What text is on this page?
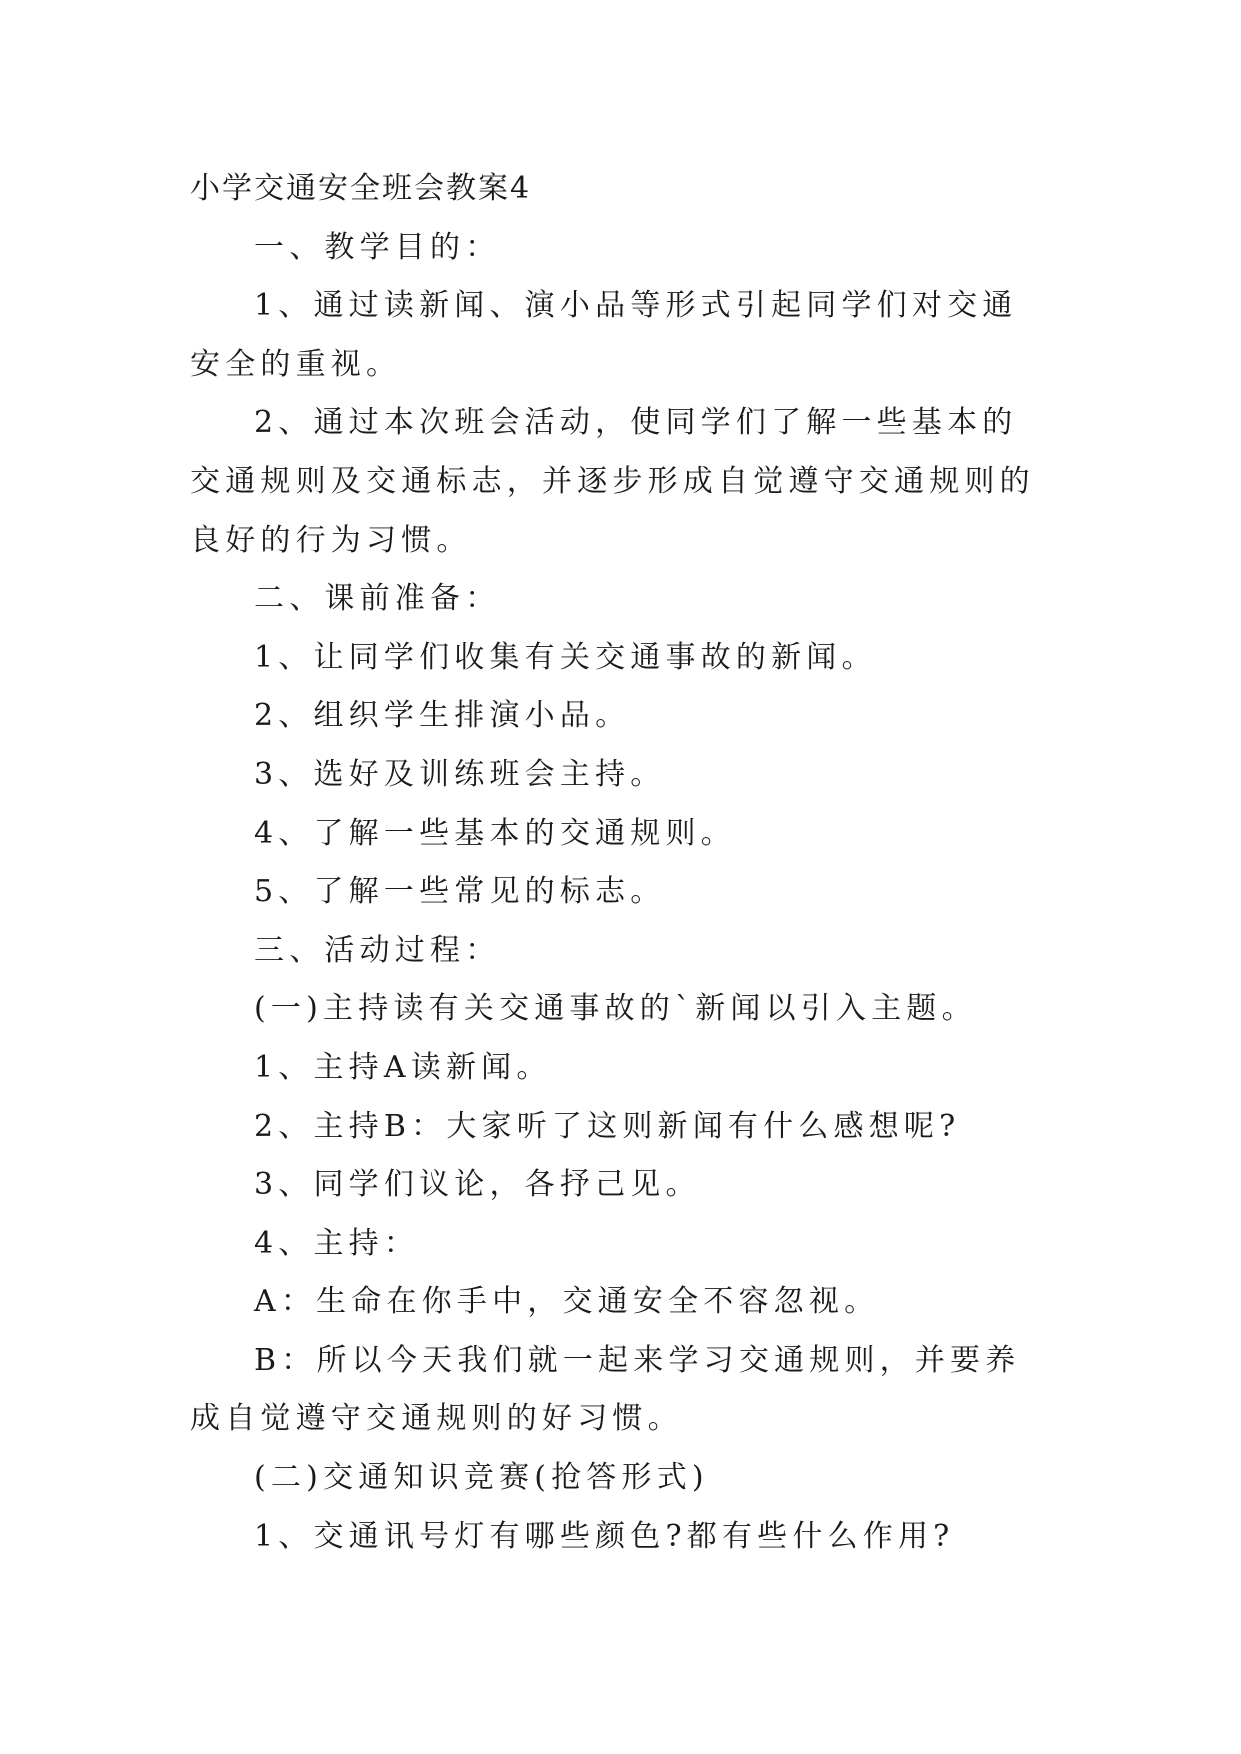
小学交通安全班会教案4

一、教学目的：

1、通过读新闻、演小品等形式引起同学们对交通安全的重视。

2、通过本次班会活动，使同学们了解一些基本的交通规则及交通标志，并逐步形成自觉遵守交通规则的良好的行为习惯。

二、课前准备：

1、让同学们收集有关交通事故的新闻。

2、组织学生排演小品。

3、选好及训练班会主持。

4、了解一些基本的交通规则。

5、了解一些常见的标志。

三、活动过程：

(一)主持读有关交通事故的`新闻以引入主题。

1、主持A读新闻。

2、主持B：大家听了这则新闻有什么感想呢?

3、同学们议论，各抒己见。

4、主持：

A：生命在你手中，交通安全不容忽视。

B：所以今天我们就一起来学习交通规则，并要养成自觉遵守交通规则的好习惯。

(二)交通知识竞赛(抢答形式)

1、交通讯号灯有哪些颜色?都有些什么作用?
